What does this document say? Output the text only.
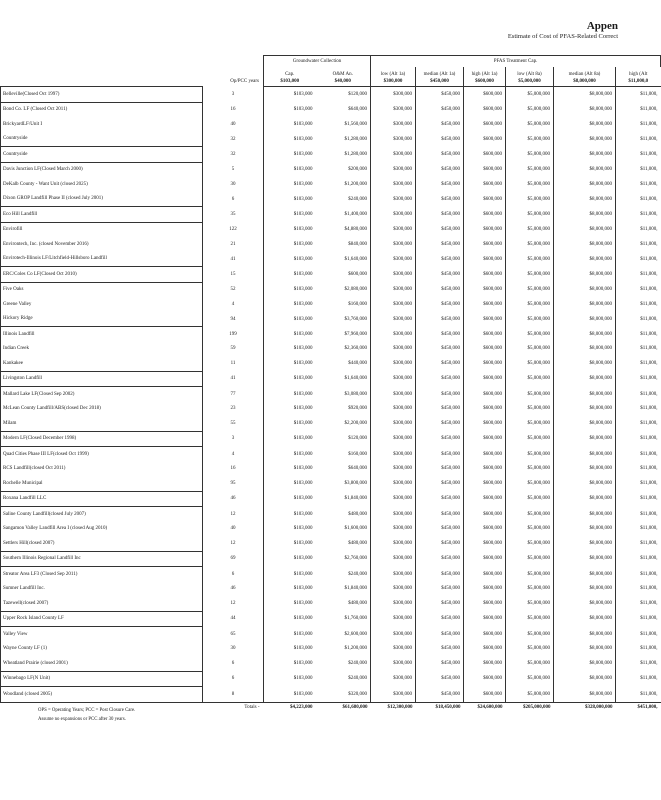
Appen
Estimate of Cost of PFAS-Related Correct
		Groundwater Collection		PFAS Treatment Cap.					
		Cap.	O&M An.	low (Alt 1a)	median (Alt 1a)	high (Alt 1a)	low (Alt 8a)	median (Alt 8a)	high (Alt
	Op/PCC years	$103,000	$40,000	$300,000	$450,000	$600,000	$5,000,000	$8,000,000	$11,000,0
Belleville(Closed Oct 1997)	3	$103,000	$120,000	$300,000	$450,000	$600,000	$5,000,000	$8,000,000	$11,000,
Bond Co. LF (Closed Oct 2011)	16	$103,000	$640,000	$300,000	$450,000	$600,000	$5,000,000	$8,000,000	$11,000,
BrickyardLF/Unit I	40	$103,000	$1,560,000	$300,000	$450,000	$600,000	$5,000,000	$8,000,000	$11,000,
Countryside	32	$103,000	$1,280,000	$300,000	$450,000	$600,000	$5,000,000	$8,000,000	$11,000,
Countryside	32	$103,000	$1,280,000	$300,000	$450,000	$600,000	$5,000,000	$8,000,000	$11,000,
Davis Junction LF(Closed March 2000)	5	$103,000	$200,000	$300,000	$450,000	$600,000	$5,000,000	$8,000,000	$11,000,
DeKalb County - Want Unit (closed 2025)	30	$103,000	$1,200,000	$300,000	$450,000	$600,000	$5,000,000	$8,000,000	$11,000,
Dixon GROP Landfill Phase II (closed July 2001)	6	$103,000	$240,000	$300,000	$450,000	$600,000	$5,000,000	$8,000,000	$11,000,
Eco Hill Landfill	35	$103,000	$1,400,000	$300,000	$450,000	$600,000	$5,000,000	$8,000,000	$11,000,
Envirofill	122	$103,000	$4,880,000	$300,000	$450,000	$600,000	$5,000,000	$8,000,000	$11,000,
Environtech, Inc. (closed November 2016)	21	$103,000	$840,000	$300,000	$450,000	$600,000	$5,000,000	$8,000,000	$11,000,
Envirotech-Illinois LF/Litchfield-Hillsboro Landfill	41	$103,000	$1,640,000	$300,000	$450,000	$600,000	$5,000,000	$8,000,000	$11,000,
ERC/Coles Co LF(Closed Oct 2010)	15	$103,000	$600,000	$300,000	$450,000	$600,000	$5,000,000	$8,000,000	$11,000,
Five Oaks	52	$103,000	$2,080,000	$300,000	$450,000	$600,000	$5,000,000	$8,000,000	$11,000,
Greene Valley	4	$103,000	$160,000	$300,000	$450,000	$600,000	$5,000,000	$8,000,000	$11,000,
Hickory Ridge	94	$103,000	$3,760,000	$300,000	$450,000	$600,000	$5,000,000	$8,000,000	$11,000,
Illinois Landfill	199	$103,000	$7,960,000	$300,000	$450,000	$600,000	$5,000,000	$8,000,000	$11,000,
Indian Creek	59	$103,000	$2,360,000	$300,000	$450,000	$600,000	$5,000,000	$8,000,000	$11,000,
Kankakee	11	$103,000	$440,000	$300,000	$450,000	$600,000	$5,000,000	$8,000,000	$11,000,
Livingston Landfill	41	$103,000	$1,640,000	$300,000	$450,000	$600,000	$5,000,000	$8,000,000	$11,000,
Mallard Lake LF(Closed Sep 2002)	77	$103,000	$3,080,000	$300,000	$450,000	$600,000	$5,000,000	$8,000,000	$11,000,
McLean County Landfill/ABS(closed Dec 2018)	23	$103,000	$920,000	$300,000	$450,000	$600,000	$5,000,000	$8,000,000	$11,000,
Milam	55	$103,000	$2,200,000	$300,000	$450,000	$600,000	$5,000,000	$8,000,000	$11,000,
Modern LF(Closed December 1998)	3	$103,000	$120,000	$300,000	$450,000	$600,000	$5,000,000	$8,000,000	$11,000,
Quad Cities Phase III LF(closed Oct 1999)	4	$103,000	$160,000	$300,000	$450,000	$600,000	$5,000,000	$8,000,000	$11,000,
RCS Landfill(closed Oct 2011)	16	$103,000	$640,000	$300,000	$450,000	$600,000	$5,000,000	$8,000,000	$11,000,
Rochelle Municipal	95	$103,000	$3,800,000	$300,000	$450,000	$600,000	$5,000,000	$8,000,000	$11,000,
Roxana Landfill LLC	46	$103,000	$1,840,000	$300,000	$450,000	$600,000	$5,000,000	$8,000,000	$11,000,
Saline County Landfill(closed July 2007)	12	$103,000	$480,000	$300,000	$450,000	$600,000	$5,000,000	$8,000,000	$11,000,
Sangamon Valley Landfill Area I (closed Aug 2010)	40	$103,000	$1,600,000	$300,000	$450,000	$600,000	$5,000,000	$8,000,000	$11,000,
Settlers Hill(closed 2007)	12	$103,000	$480,000	$300,000	$450,000	$600,000	$5,000,000	$8,000,000	$11,000,
Southern Illinois Regional Landfill Inc	69	$103,000	$2,760,000	$300,000	$450,000	$600,000	$5,000,000	$8,000,000	$11,000,
Streator Area LF3 (Closed Sep 2011)	6	$103,000	$240,000	$300,000	$450,000	$600,000	$5,000,000	$8,000,000	$11,000,
Sumner Landfill Inc.	46	$103,000	$1,840,000	$300,000	$450,000	$600,000	$5,000,000	$8,000,000	$11,000,
Tazewell(closed 2007)	12	$103,000	$480,000	$300,000	$450,000	$600,000	$5,000,000	$8,000,000	$11,000,
Upper Rock Island County LF	44	$103,000	$1,760,000	$300,000	$450,000	$600,000	$5,000,000	$8,000,000	$11,000,
Valley View	65	$103,000	$2,600,000	$300,000	$450,000	$600,000	$5,000,000	$8,000,000	$11,000,
Wayne County LF (1)	30	$103,000	$1,200,000	$300,000	$450,000	$600,000	$5,000,000	$8,000,000	$11,000,
Wheatland Prairie (closed 2001)	6	$103,000	$240,000	$300,000	$450,000	$600,000	$5,000,000	$8,000,000	$11,000,
Winnebago LF(N Unit)	6	$103,000	$240,000	$300,000	$450,000	$600,000	$5,000,000	$8,000,000	$11,000,
Woodland (closed 2005)	8	$103,000	$320,000	$300,000	$450,000	$600,000	$5,000,000	$8,000,000	$11,000,
	Totals -	$4,223,000	$61,680,000	$12,300,000	$18,450,000	$24,600,000	$205,000,000	$328,000,000	$451,000,
OPS = Operating Years; PCC = Post Closure Care.
Assume no expansions or PCC after 30 years.
